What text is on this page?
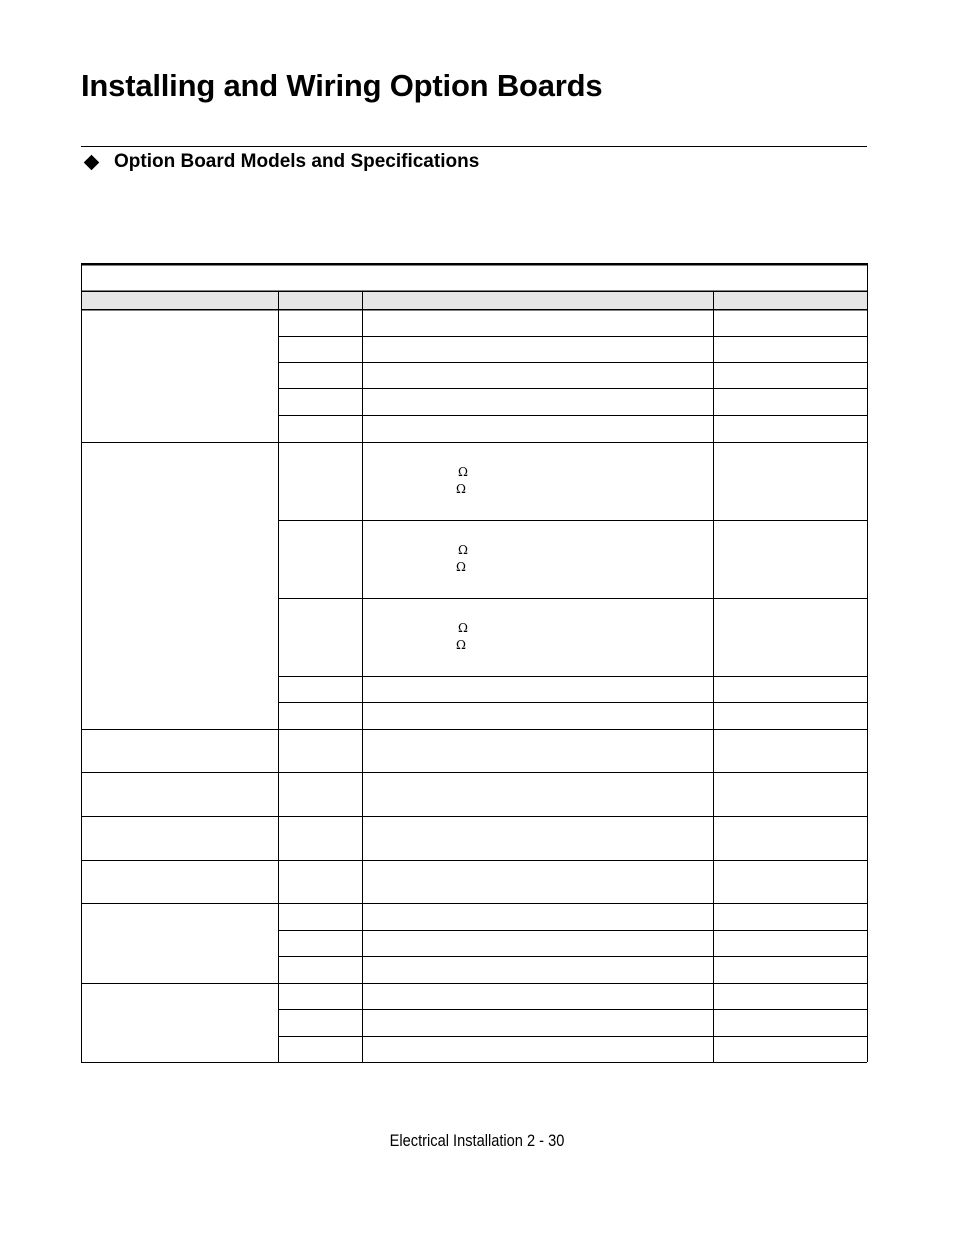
Installing and Wiring Option Boards
Option Board Models and Specifications
Ω
Ω
Ω
Ω
Ω
Ω
Electrical Installation 2 - 30
